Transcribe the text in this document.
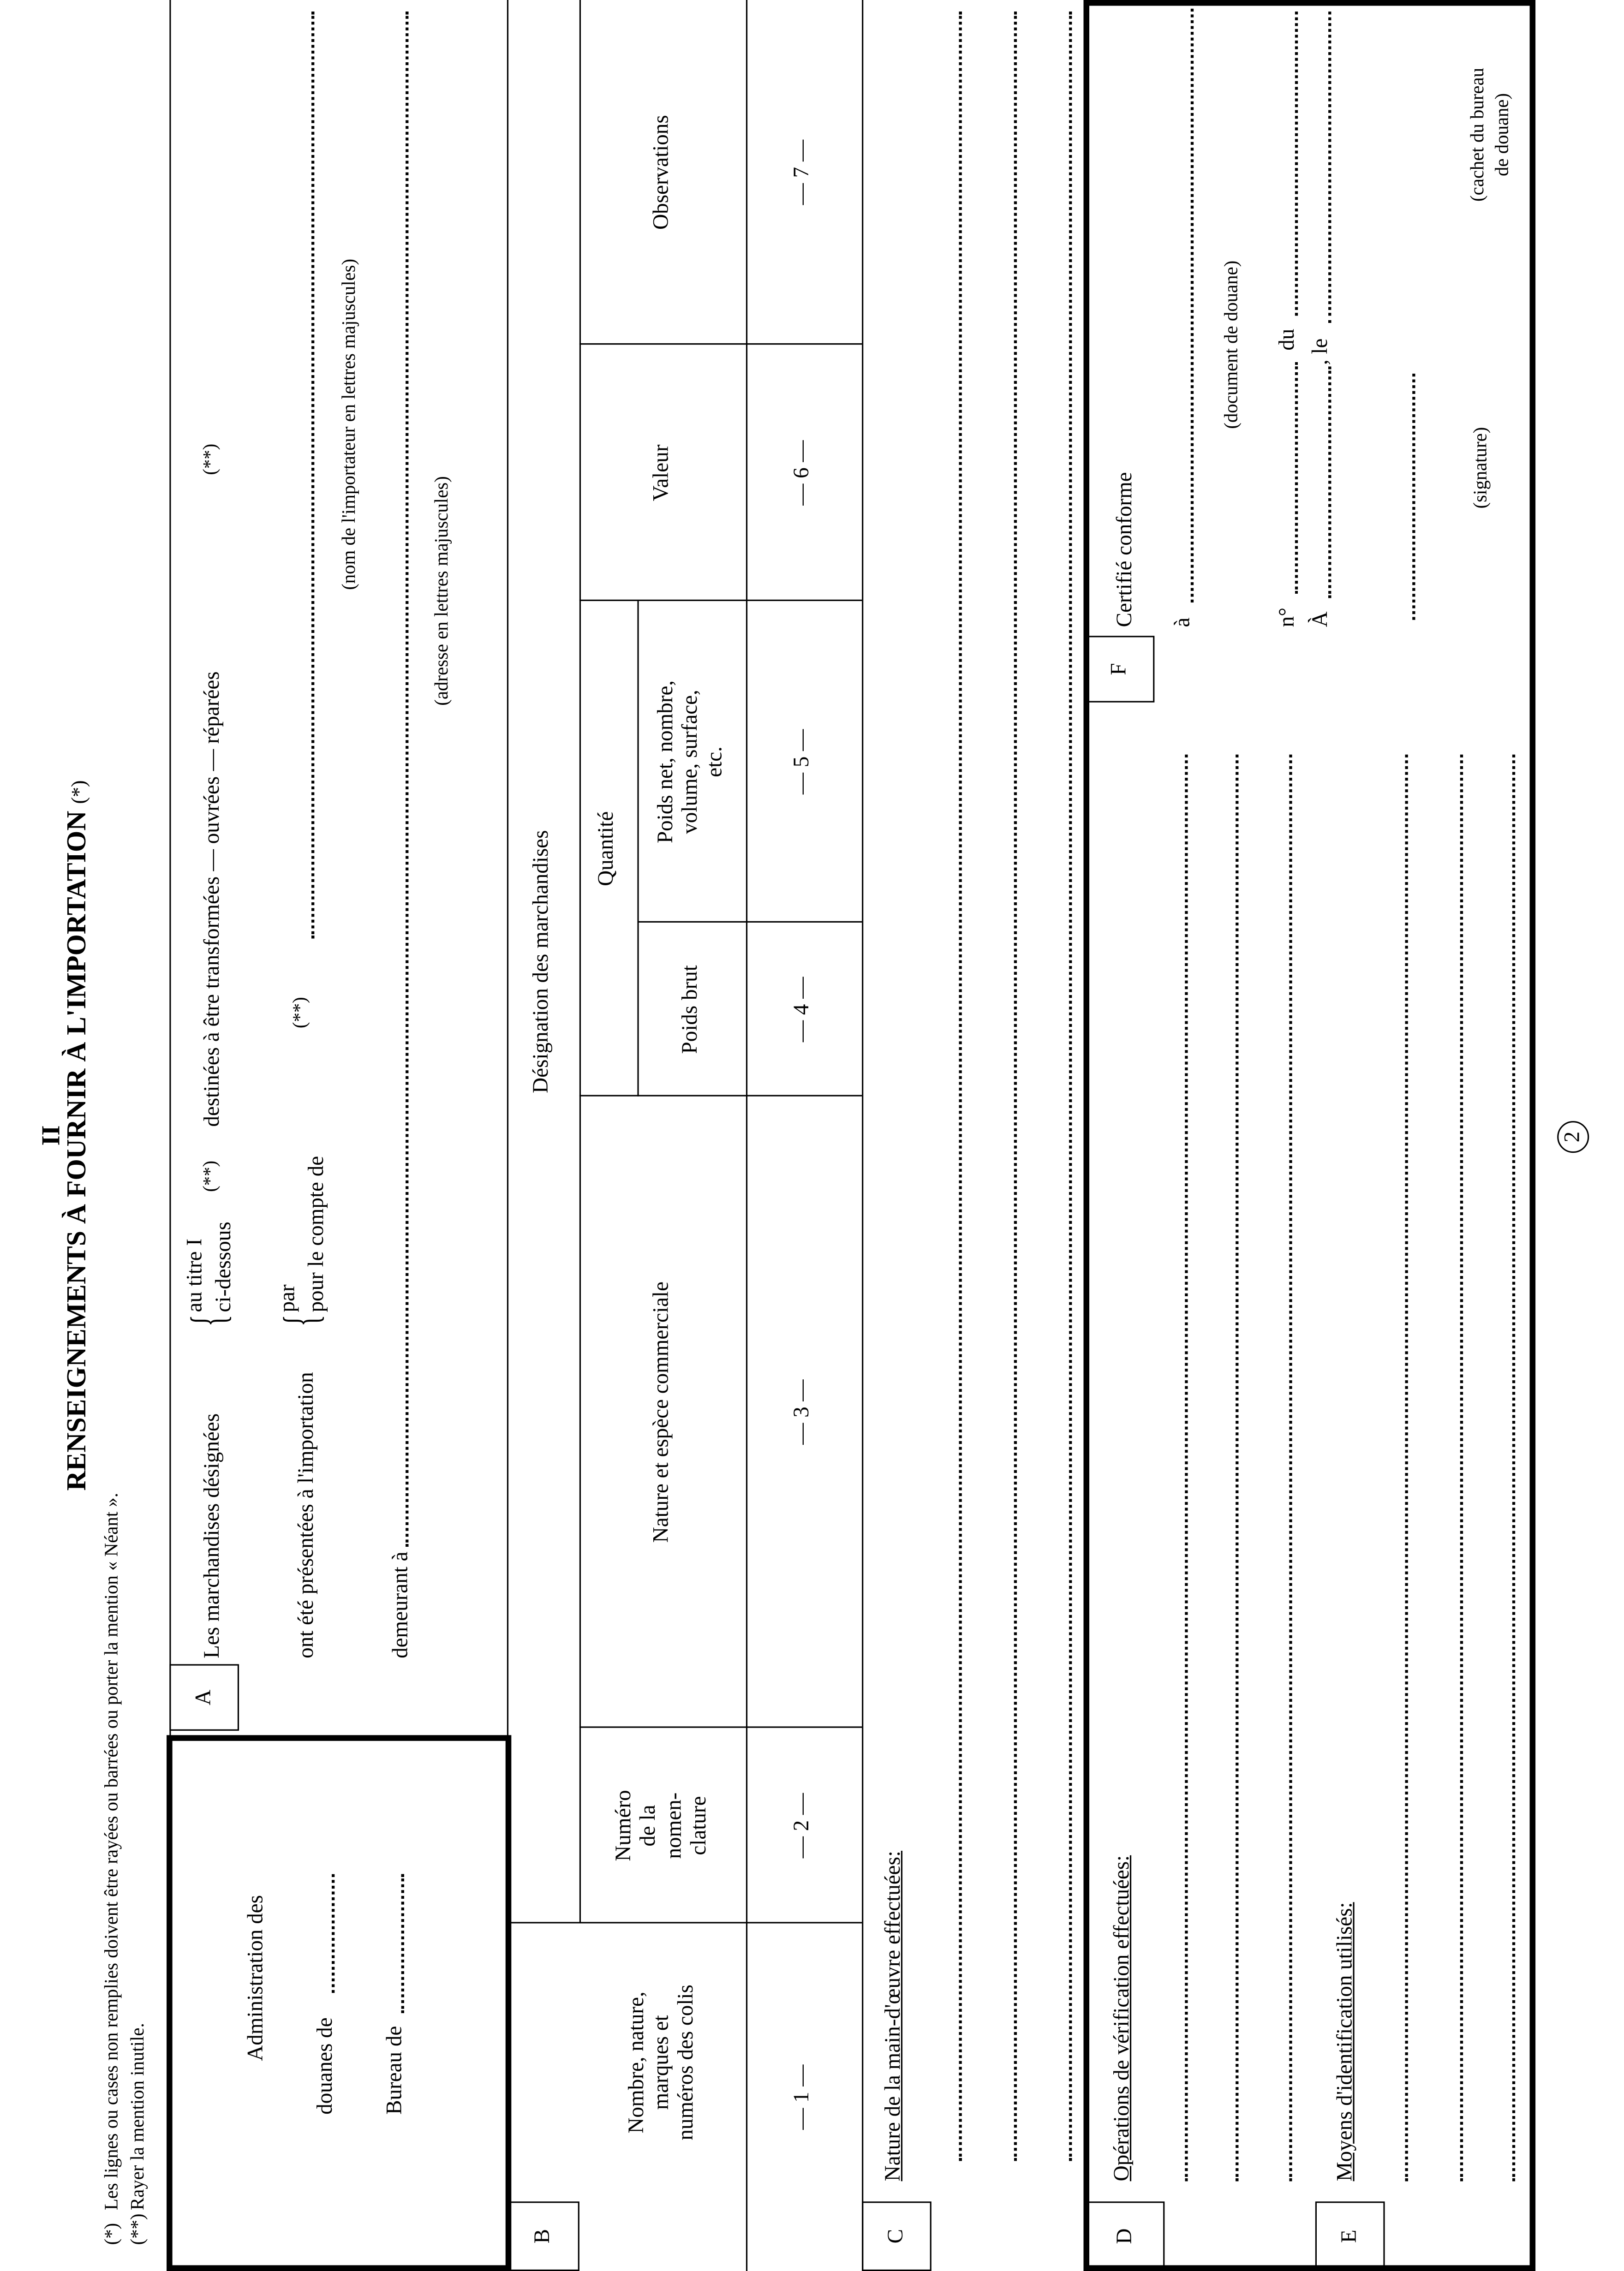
II
RENSEIGNEMENTS À FOURNIR À L'IMPORTATION (*)
(*)Les lignes ou cases non remplies doivent être rayées ou barrées ou porter la mention « Néant ».
(**)Rayer la mention inutile.
Administration des
douanes de	Bureau de
A
Les marchandises désignées
{
au titre I ci-dessous
(**)
destinées à être transformées — ouvrées — réparées
(**)
ont été présentées à l'importation
{
par pour le compte de
(**)
(nom de l'importateur en lettres majuscules)
demeurant à
(adresse en lettres majuscules)
B
Désignation des marchandises
Nombre, nature, marques et numéros des colis
Numéro de la nomen-clature
Nature et espèce commerciale
Quantité
Poids brut
Poids net, nombre, volume, surface, etc.
Valeur
Observations
— 1 —
— 2 —
— 3 —
— 4 —
— 5 —
— 6 —
— 7 —
C
Nature de la main-d'œuvre effectuées:
D
Opérations de vérification effectuées:
E
Moyens d'identification utilisés:
F
Certifié conforme	à
(document de douane)
n°
du
À
, le
(signature)
(cachet du bureau de douane)
2
